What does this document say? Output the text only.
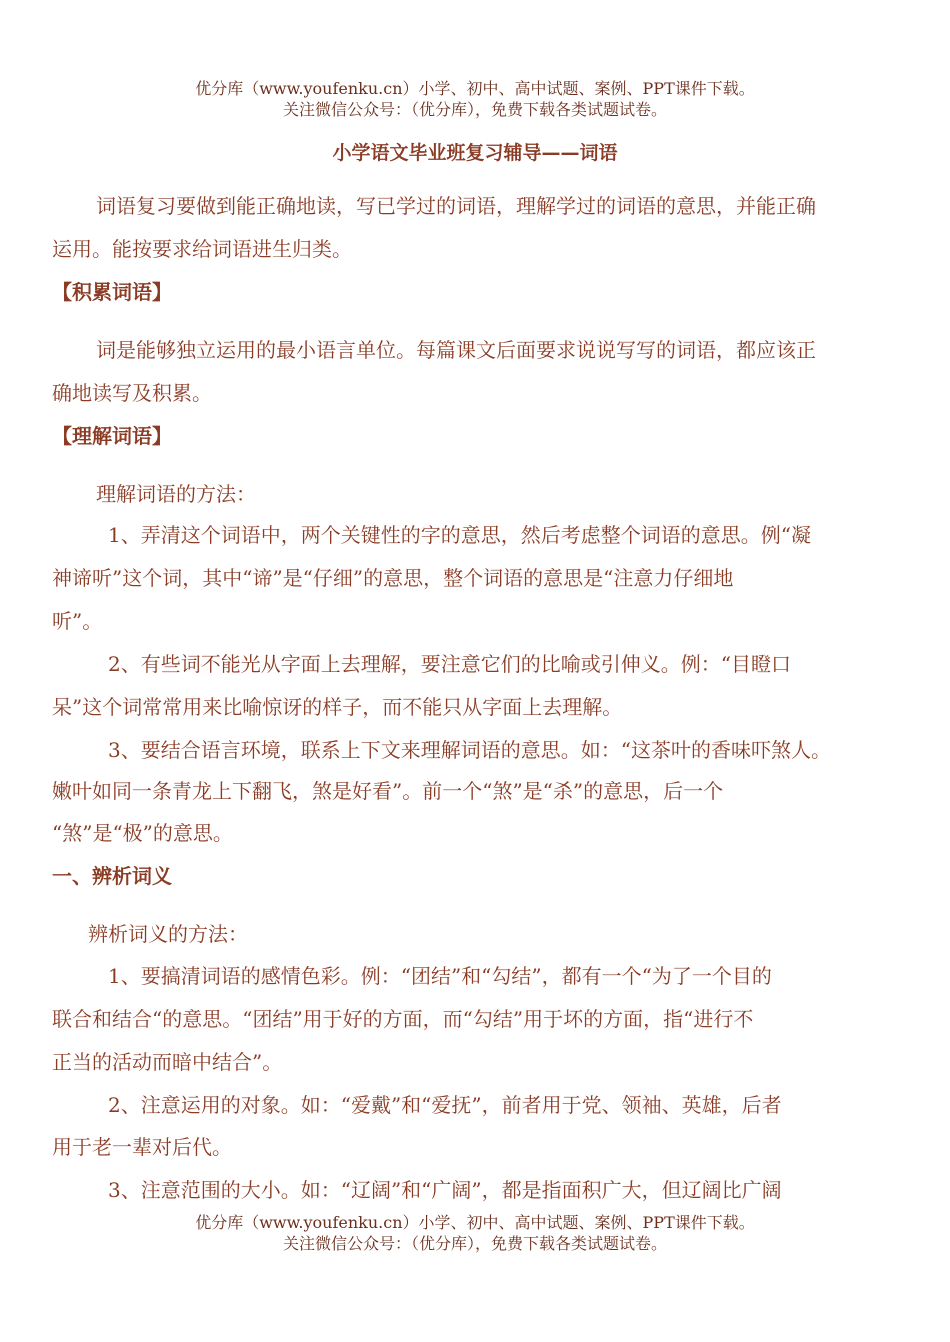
优分库（www.youfenku.cn）小学、初中、高中试题、案例、PPT课件下载。
关注微信公众号：（优分库），免费下载各类试题试卷。
小学语文毕业班复习辅导——词语
词语复习要做到能正确地读，写已学过的词语，理解学过的词语的意思，并能正确
运用。能按要求给词语进生归类。
【积累词语】
词是能够独立运用的最小语言单位。每篇课文后面要求说说写写的词语，都应该正
确地读写及积累。
【理解词语】
理解词语的方法：
1、弄清这个词语中，两个关键性的字的意思，然后考虑整个词语的意思。例“凝
神谛听”这个词，其中“谛”是“仔细”的意思，整个词语的意思是“注意力仔细地
听”。
2、有些词不能光从字面上去理解，要注意它们的比喻或引伸义。例：“目瞪口
呆”这个词常常用来比喻惊讶的样子，而不能只从字面上去理解。
3、要结合语言环境，联系上下文来理解词语的意思。如：“这茶叶的香味吓煞人。
嫩叶如同一条青龙上下翻飞，煞是好看”。前一个“煞”是“杀”的意思，后一个
“煞”是“极”的意思。
一、辨析词义
辨析词义的方法：
1、要搞清词语的感情色彩。例：“团结”和“勾结”，都有一个“为了一个目的
联合和结合“的意思。“团结”用于好的方面，而“勾结”用于坏的方面，指“进行不
正当的活动而暗中结合”。
2、注意运用的对象。如：“爱戴”和“爱抚”，前者用于党、领袖、英雄，后者
用于老一辈对后代。
3、注意范围的大小。如：“辽阔”和“广阔”，都是指面积广大，但辽阔比广阔
优分库（www.youfenku.cn）小学、初中、高中试题、案例、PPT课件下载。
关注微信公众号：（优分库），免费下载各类试题试卷。
